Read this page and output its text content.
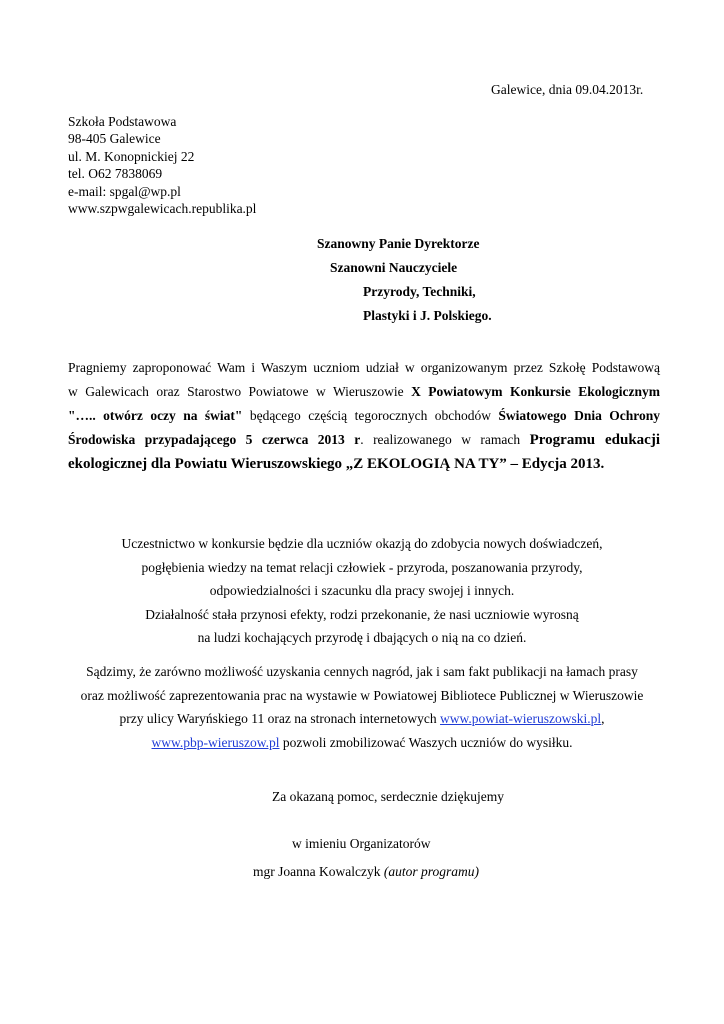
Galewice, dnia 09.04.2013r.
Szkoła Podstawowa
98-405 Galewice
ul. M. Konopnickiej 22
tel. O62 7838069
e-mail: spgal@wp.pl
www.szpwgalewicach.republika.pl
Szanowny Panie Dyrektorze
Szanowni Nauczyciele
Przyrody, Techniki,
Plastyki i J. Polskiego.
Pragniemy zaproponować Wam i Waszym uczniom udział w organizowanym przez Szkołę Podstawową
w Galewicach oraz Starostwo Powiatowe w Wieruszowie X Powiatowym Konkursie Ekologicznym
"….. otwórz oczy na świat" będącego częścią tegorocznych obchodów Światowego Dnia Ochrony
Środowiska przypadającego 5 czerwca 2013 r. realizowanego w ramach Programu edukacji
ekologicznej dla Powiatu Wieruszowskiego „Z EKOLOGIĄ NA TY” – Edycja 2013.
Uczestnictwo w konkursie będzie dla uczniów okazją do zdobycia nowych doświadczeń,
pogłębienia wiedzy na temat relacji człowiek - przyroda, poszanowania przyrody,
odpowiedzialności i szacunku dla pracy swojej i innych.
Działalność stała przynosi efekty, rodzi przekonanie, że nasi uczniowie wyrosną
na ludzi kochających przyrodę i dbających o nią na co dzień.
Sądzimy, że zarówno możliwość uzyskania cennych nagród, jak i sam fakt publikacji na łamach prasy
oraz możliwość zaprezentowania prac na wystawie w Powiatowej Bibliotece Publicznej w Wieruszowie
przy ulicy Waryńskiego 11 oraz na stronach internetowych www.powiat-wieruszowski.pl,
www.pbp-wieruszow.pl pozwoli zmobilizować Waszych uczniów do wysiłku.
Za okazaną pomoc, serdecznie dziękujemy
w imieniu Organizatorów
mgr Joanna Kowalczyk (autor programu)
